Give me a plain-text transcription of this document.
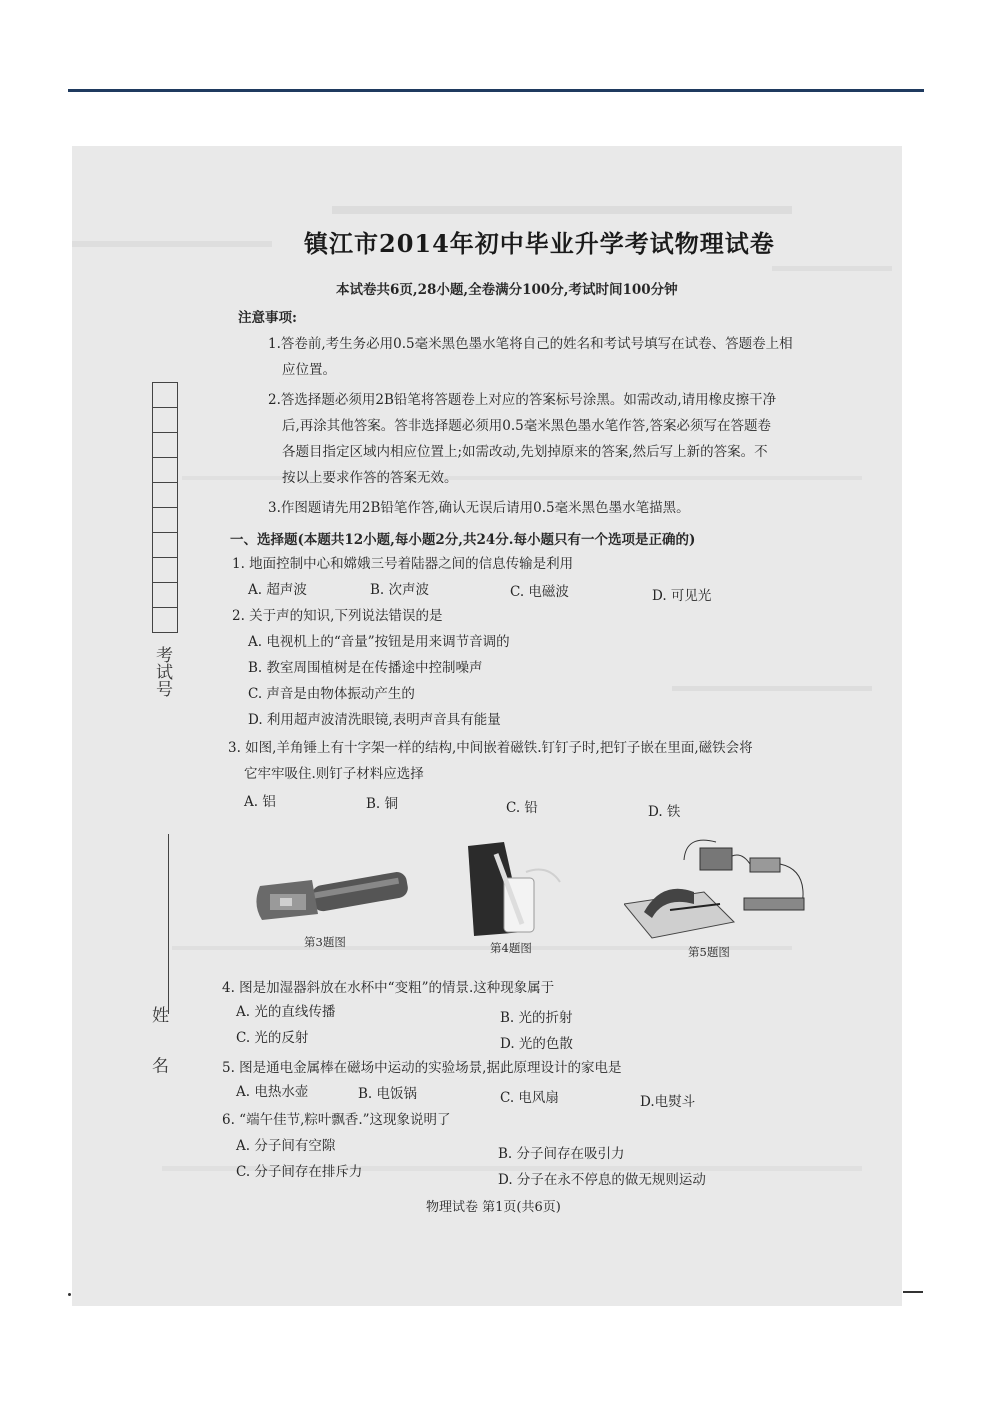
考试号
姓 名
镇江市2014年初中毕业升学考试物理试卷
本试卷共6页,28小题,全卷满分100分,考试时间100分钟
注意事项:
1.答卷前,考生务必用0.5毫米黑色墨水笔将自己的姓名和考试号填写在试卷、答题卷上相
应位置。
2.答选择题必须用2B铅笔将答题卷上对应的答案标号涂黑。如需改动,请用橡皮擦干净
后,再涂其他答案。答非选择题必须用0.5毫米黑色墨水笔作答,答案必须写在答题卷
各题目指定区域内相应位置上;如需改动,先划掉原来的答案,然后写上新的答案。不
按以上要求作答的答案无效。
3.作图题请先用2B铅笔作答,确认无误后请用0.5毫米黑色墨水笔描黑。
一、选择题(本题共12小题,每小题2分,共24分.每小题只有一个选项是正确的)
1. 地面控制中心和嫦娥三号着陆器之间的信息传输是利用
A. 超声波	B. 次声波	C. 电磁波	D. 可见光
2. 关于声的知识,下列说法错误的是
A. 电视机上的“音量”按钮是用来调节音调的
B. 教室周围植树是在传播途中控制噪声
C. 声音是由物体振动产生的
D. 利用超声波清洗眼镜,表明声音具有能量
3. 如图,羊角锤上有十字架一样的结构,中间嵌着磁铁.钉钉子时,把钉子嵌在里面,磁铁会将
它牢牢吸住.则钉子材料应选择
A. 铝	B. 铜	C. 铅	D. 铁
第3题图	第4题图	第5题图
4. 图是加湿器斜放在水杯中“变粗”的情景.这种现象属于
A. 光的直线传播	B. 光的折射
C. 光的反射	D. 光的色散
5. 图是通电金属棒在磁场中运动的实验场景,据此原理设计的家电是
A. 电热水壶	B. 电饭锅	C. 电风扇	D.电熨斗
6. “端午佳节,粽叶飘香.”这现象说明了
A. 分子间有空隙	B. 分子间存在吸引力
C. 分子间存在排斥力	D. 分子在永不停息的做无规则运动
物理试卷 第1页(共6页)
